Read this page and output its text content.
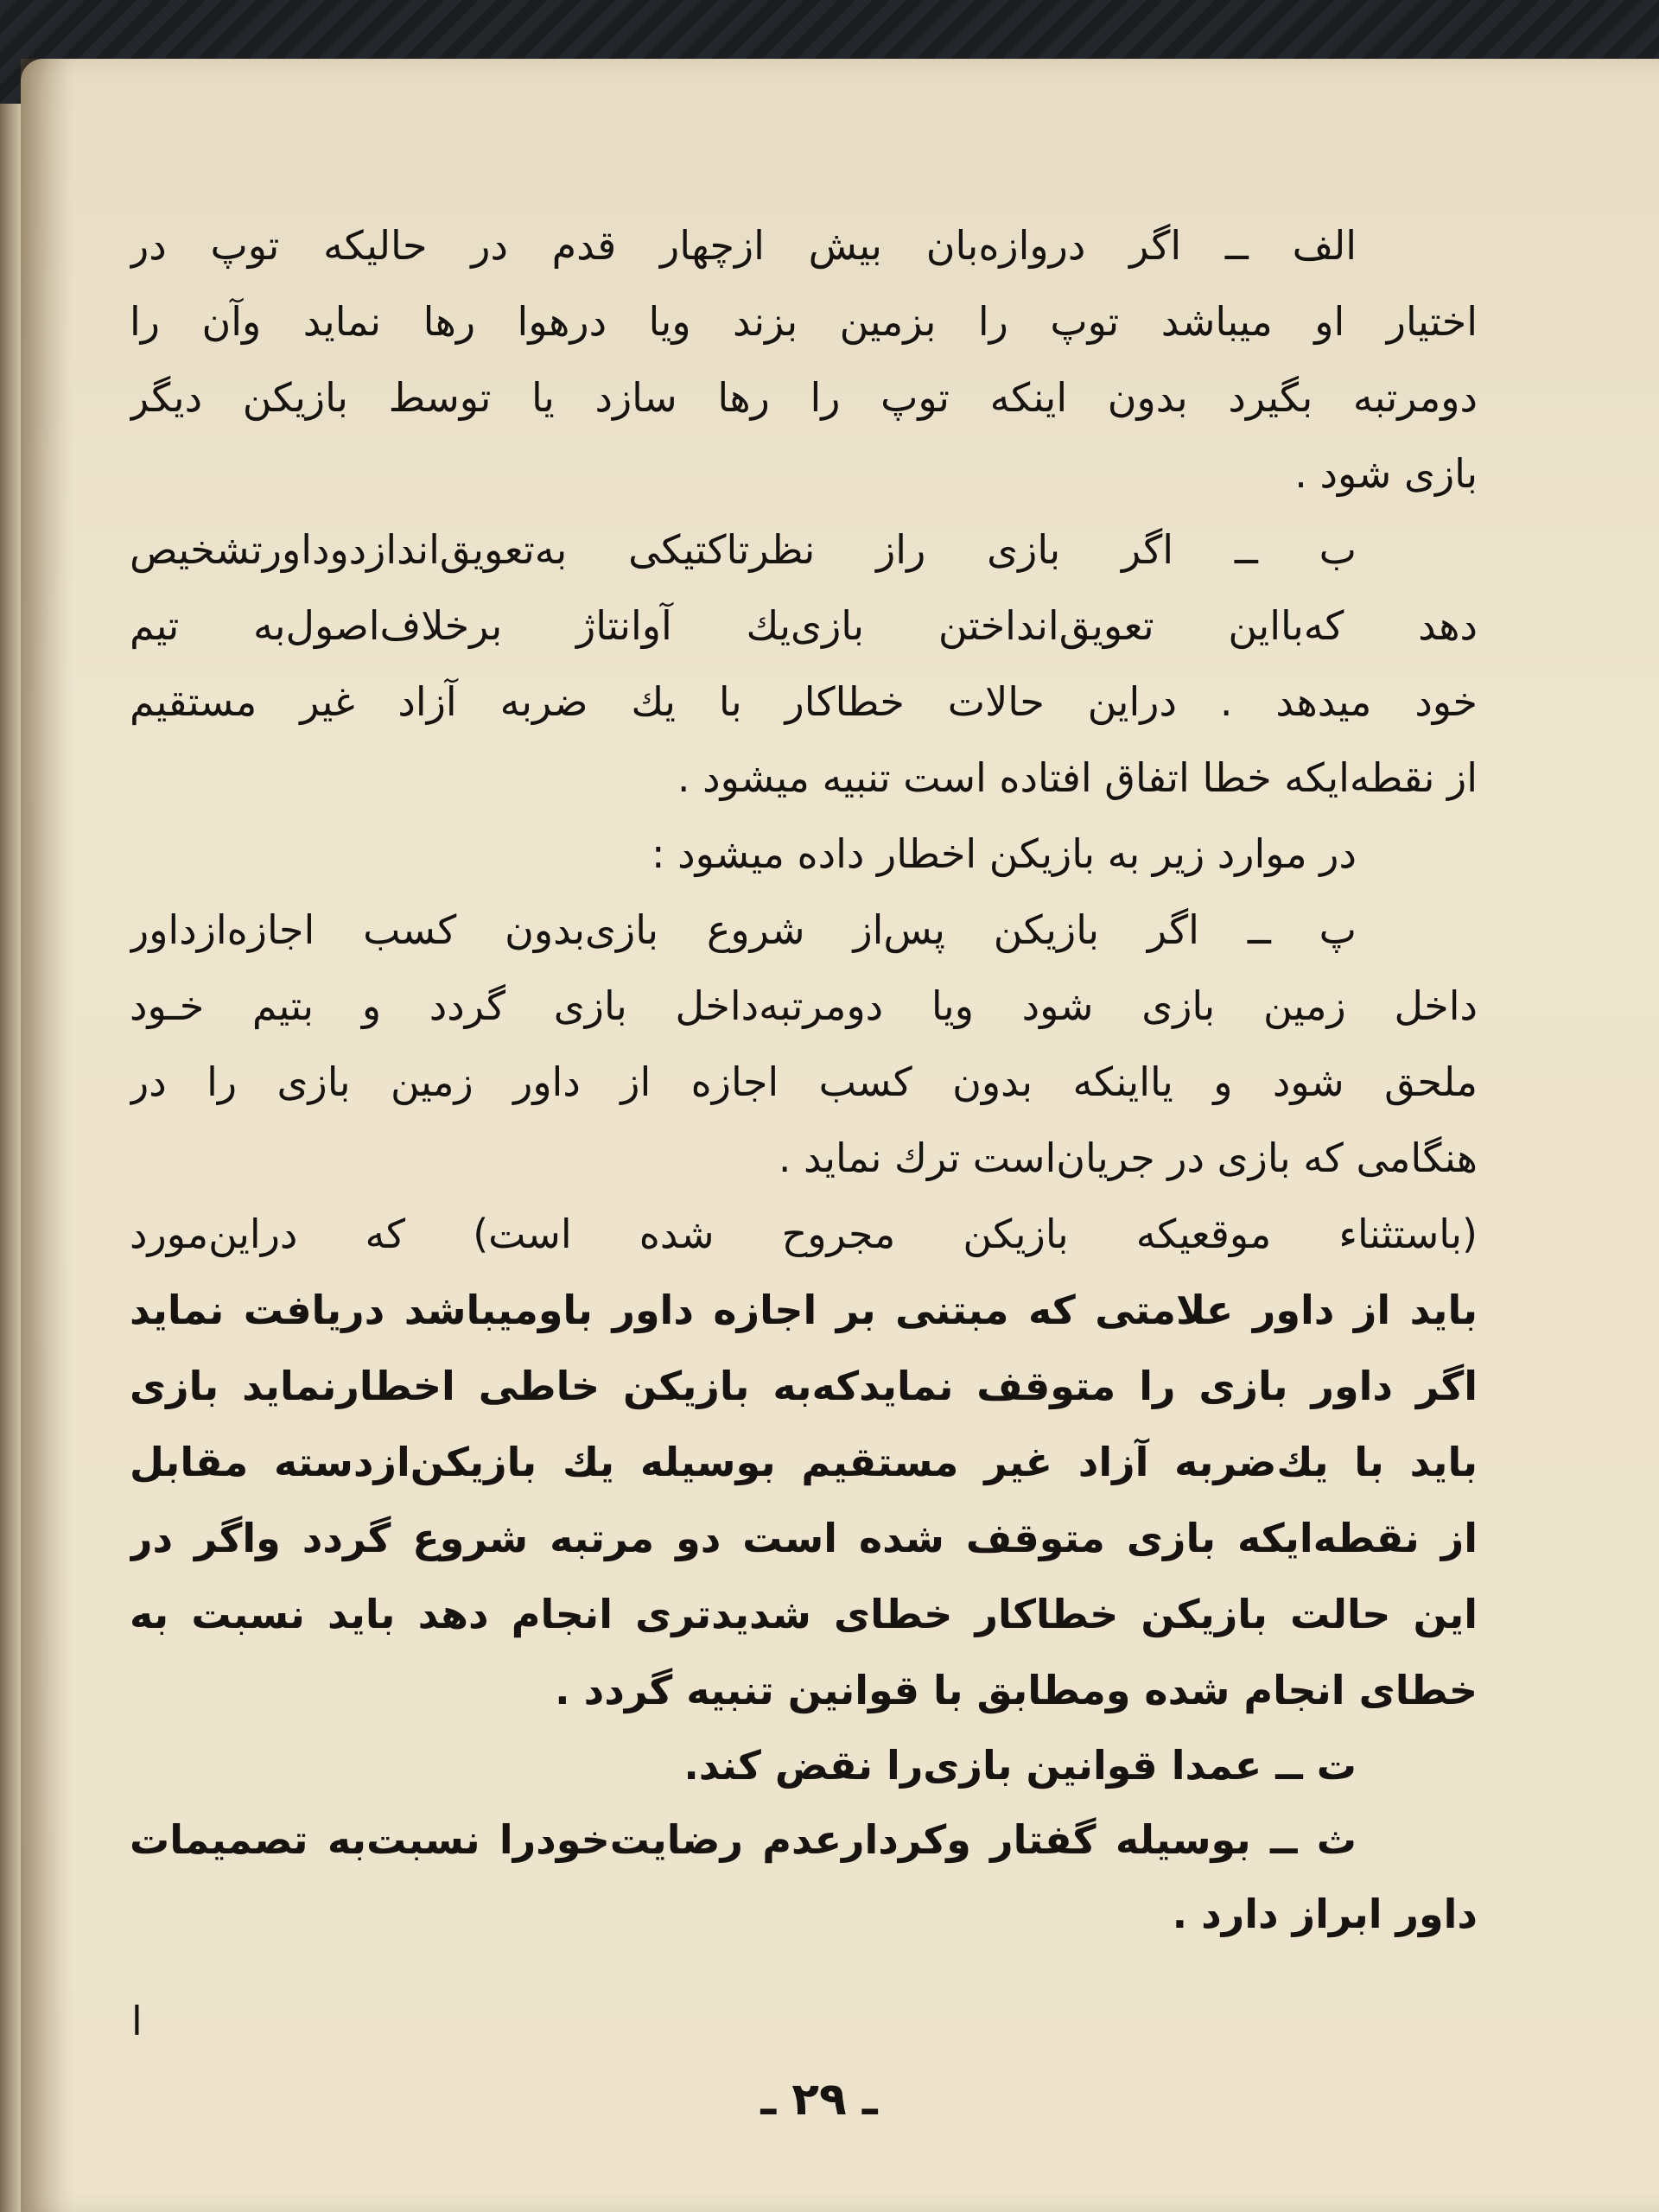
الف ــ اگر دروازه‌بان بیش ازچهار قدم در حالیکه توپ در
اختیار او میباشد توپ را بزمین بزند ویا درهوا رها نماید وآن را
دومرتبه بگیرد بدون اینکه توپ را رها سازد یا توسط بازیکن دیگر
بازی شود .
ب ــ اگر بازی راز نظرتاکتیکی به‌تعویق‌اندازدوداورتشخیص
دهد که‌بااین تعویق‌انداختن بازی‌یك آوانتاژ برخلاف‌اصول‌به تیم
خود میدهد . دراین حالات خطاکار با یك ضربه آزاد غیر مستقیم
از نقطه‌ایکه خطا اتفاق افتاده است تنبیه میشود .
در موارد زیر به بازیکن اخطار داده میشود :
پ ــ اگر بازیکن پس‌از شروع بازی‌بدون کسب اجازه‌ازداور
داخل زمین بازی شود ویا دومرتبه‌داخل بازی گردد و بتیم خـود
ملحق شود و یااینکه بدون کسب اجازه از داور زمین بازی را در
هنگامی که بازی در جریان‌است ترك نماید .
(باستثناء موقعیکه بازیکن مجروح شده است) که دراین‌مورد
باید از داور علامتی که مبتنی بر اجازه داور باومیباشد دریافت نماید
اگر داور بازی را متوقف نماید‌که‌به بازیکن خاطی اخطارنماید بازی
باید با یك‌ضربه آزاد غیر مستقیم بوسیله یك بازیکن‌ازدسته مقابل
از نقطه‌ایکه بازی متوقف شده است دو مرتبه شروع گردد واگر در
این حالت بازیکن خطاکار خطای شدیدتری انجام دهد باید نسبت به
خطای انجام شده ومطابق با قوانین تنبیه گردد .
ت ــ عمدا قوانین بازی‌را نقض کند.
ث ــ بوسیله گفتار وکردارعدم رضایت‌خودرا نسبت‌به تصمیمات
داور ابراز دارد .
ا
ـ ۲۹ ـ
